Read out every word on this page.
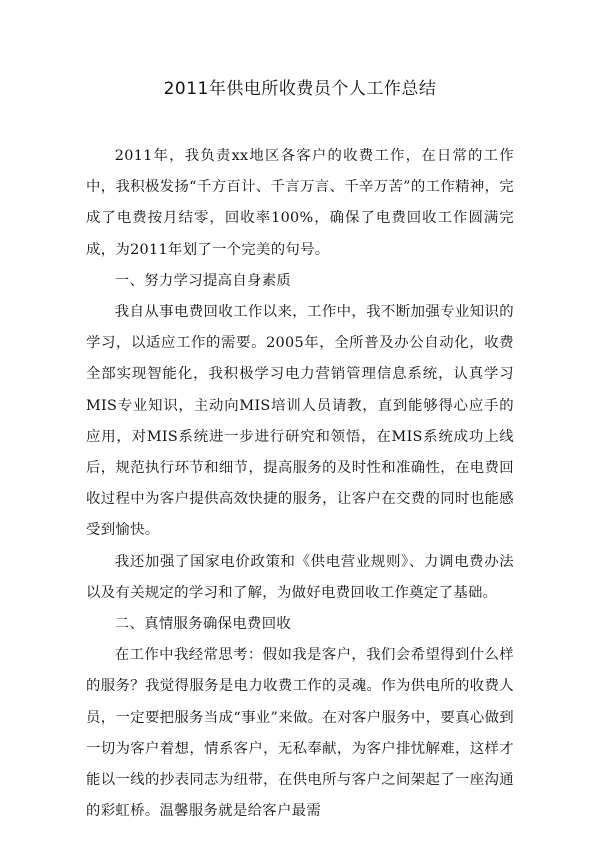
2011年供电所收费员个人工作总结

2011年，我负责xx地区各客户的收费工作，在日常的工作中，我积极发扬“千方百计、千言万言、千辛万苦”的工作精神，完成了电费按月结零，回收率100%，确保了电费回收工作圆满完成，为2011年划了一个完美的句号。

一、努力学习提高自身素质

我自从事电费回收工作以来，工作中，我不断加强专业知识的学习，以适应工作的需要。2005年，全所普及办公自动化，收费全部实现智能化，我积极学习电力营销管理信息系统，认真学习MIS专业知识，主动向MIS培训人员请教，直到能够得心应手的应用，对MIS系统进一步进行研究和领悟，在MIS系统成功上线后，规范执行环节和细节，提高服务的及时性和准确性，在电费回收过程中为客户提供高效快捷的服务，让客户在交费的同时也能感受到愉快。

我还加强了国家电价政策和《供电营业规则》、力调电费办法以及有关规定的学习和了解，为做好电费回收工作奠定了基础。

二、真情服务确保电费回收

在工作中我经常思考：假如我是客户，我们会希望得到什么样的服务？我觉得服务是电力收费工作的灵魂。作为供电所的收费人员，一定要把服务当成“事业”来做。在对客户服务中，要真心做到一切为客户着想，情系客户，无私奉献，为客户排忧解难，这样才能以一线的抄表同志为纽带，在供电所与客户之间架起了一座沟通的彩虹桥。温馨服务就是给客户最需
